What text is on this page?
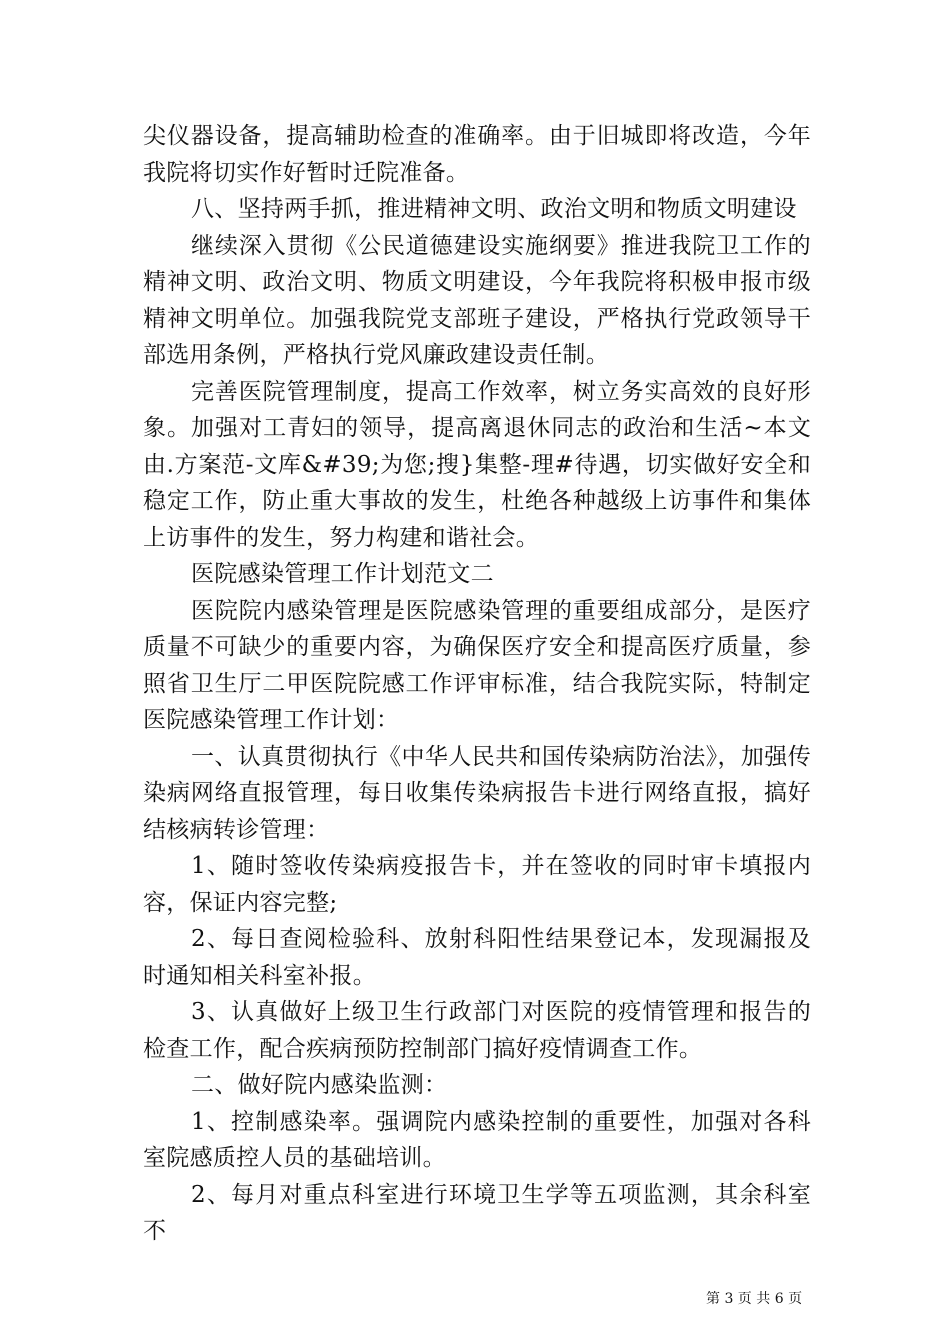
尖仪器设备，提高辅助检查的准确率。由于旧城即将改造，今年我院将切实作好暂时迁院准备。

八、坚持两手抓，推进精神文明、政治文明和物质文明建设

继续深入贯彻《公民道德建设实施纲要》推进我院卫工作的精神文明、政治文明、物质文明建设，今年我院将积极申报市级精神文明单位。加强我院党支部班子建设，严格执行党政领导干部选用条例，严格执行党风廉政建设责任制。

完善医院管理制度，提高工作效率，树立务实高效的良好形象。加强对工青妇的领导，提高离退休同志的政治和生活~本文由.方案范-文库&#39;为您;搜}集整-理#待遇，切实做好安全和稳定工作，防止重大事故的发生，杜绝各种越级上访事件和集体上访事件的发生，努力构建和谐社会。

医院感染管理工作计划范文二

医院院内感染管理是医院感染管理的重要组成部分，是医疗质量不可缺少的重要内容，为确保医疗安全和提高医疗质量，参照省卫生厅二甲医院院感工作评审标准，结合我院实际，特制定医院感染管理工作计划：

一、认真贯彻执行《中华人民共和国传染病防治法》，加强传染病网络直报管理，每日收集传染病报告卡进行网络直报，搞好结核病转诊管理：

1、随时签收传染病疫报告卡，并在签收的同时审卡填报内容，保证内容完整;

2、每日查阅检验科、放射科阳性结果登记本，发现漏报及时通知相关科室补报。

3、认真做好上级卫生行政部门对医院的疫情管理和报告的检查工作，配合疾病预防控制部门搞好疫情调查工作。

二、做好院内感染监测：

1、控制感染率。强调院内感染控制的重要性，加强对各科室院感质控人员的基础培训。

2、每月对重点科室进行环境卫生学等五项监测，其余科室不

第 3 页 共 6 页
